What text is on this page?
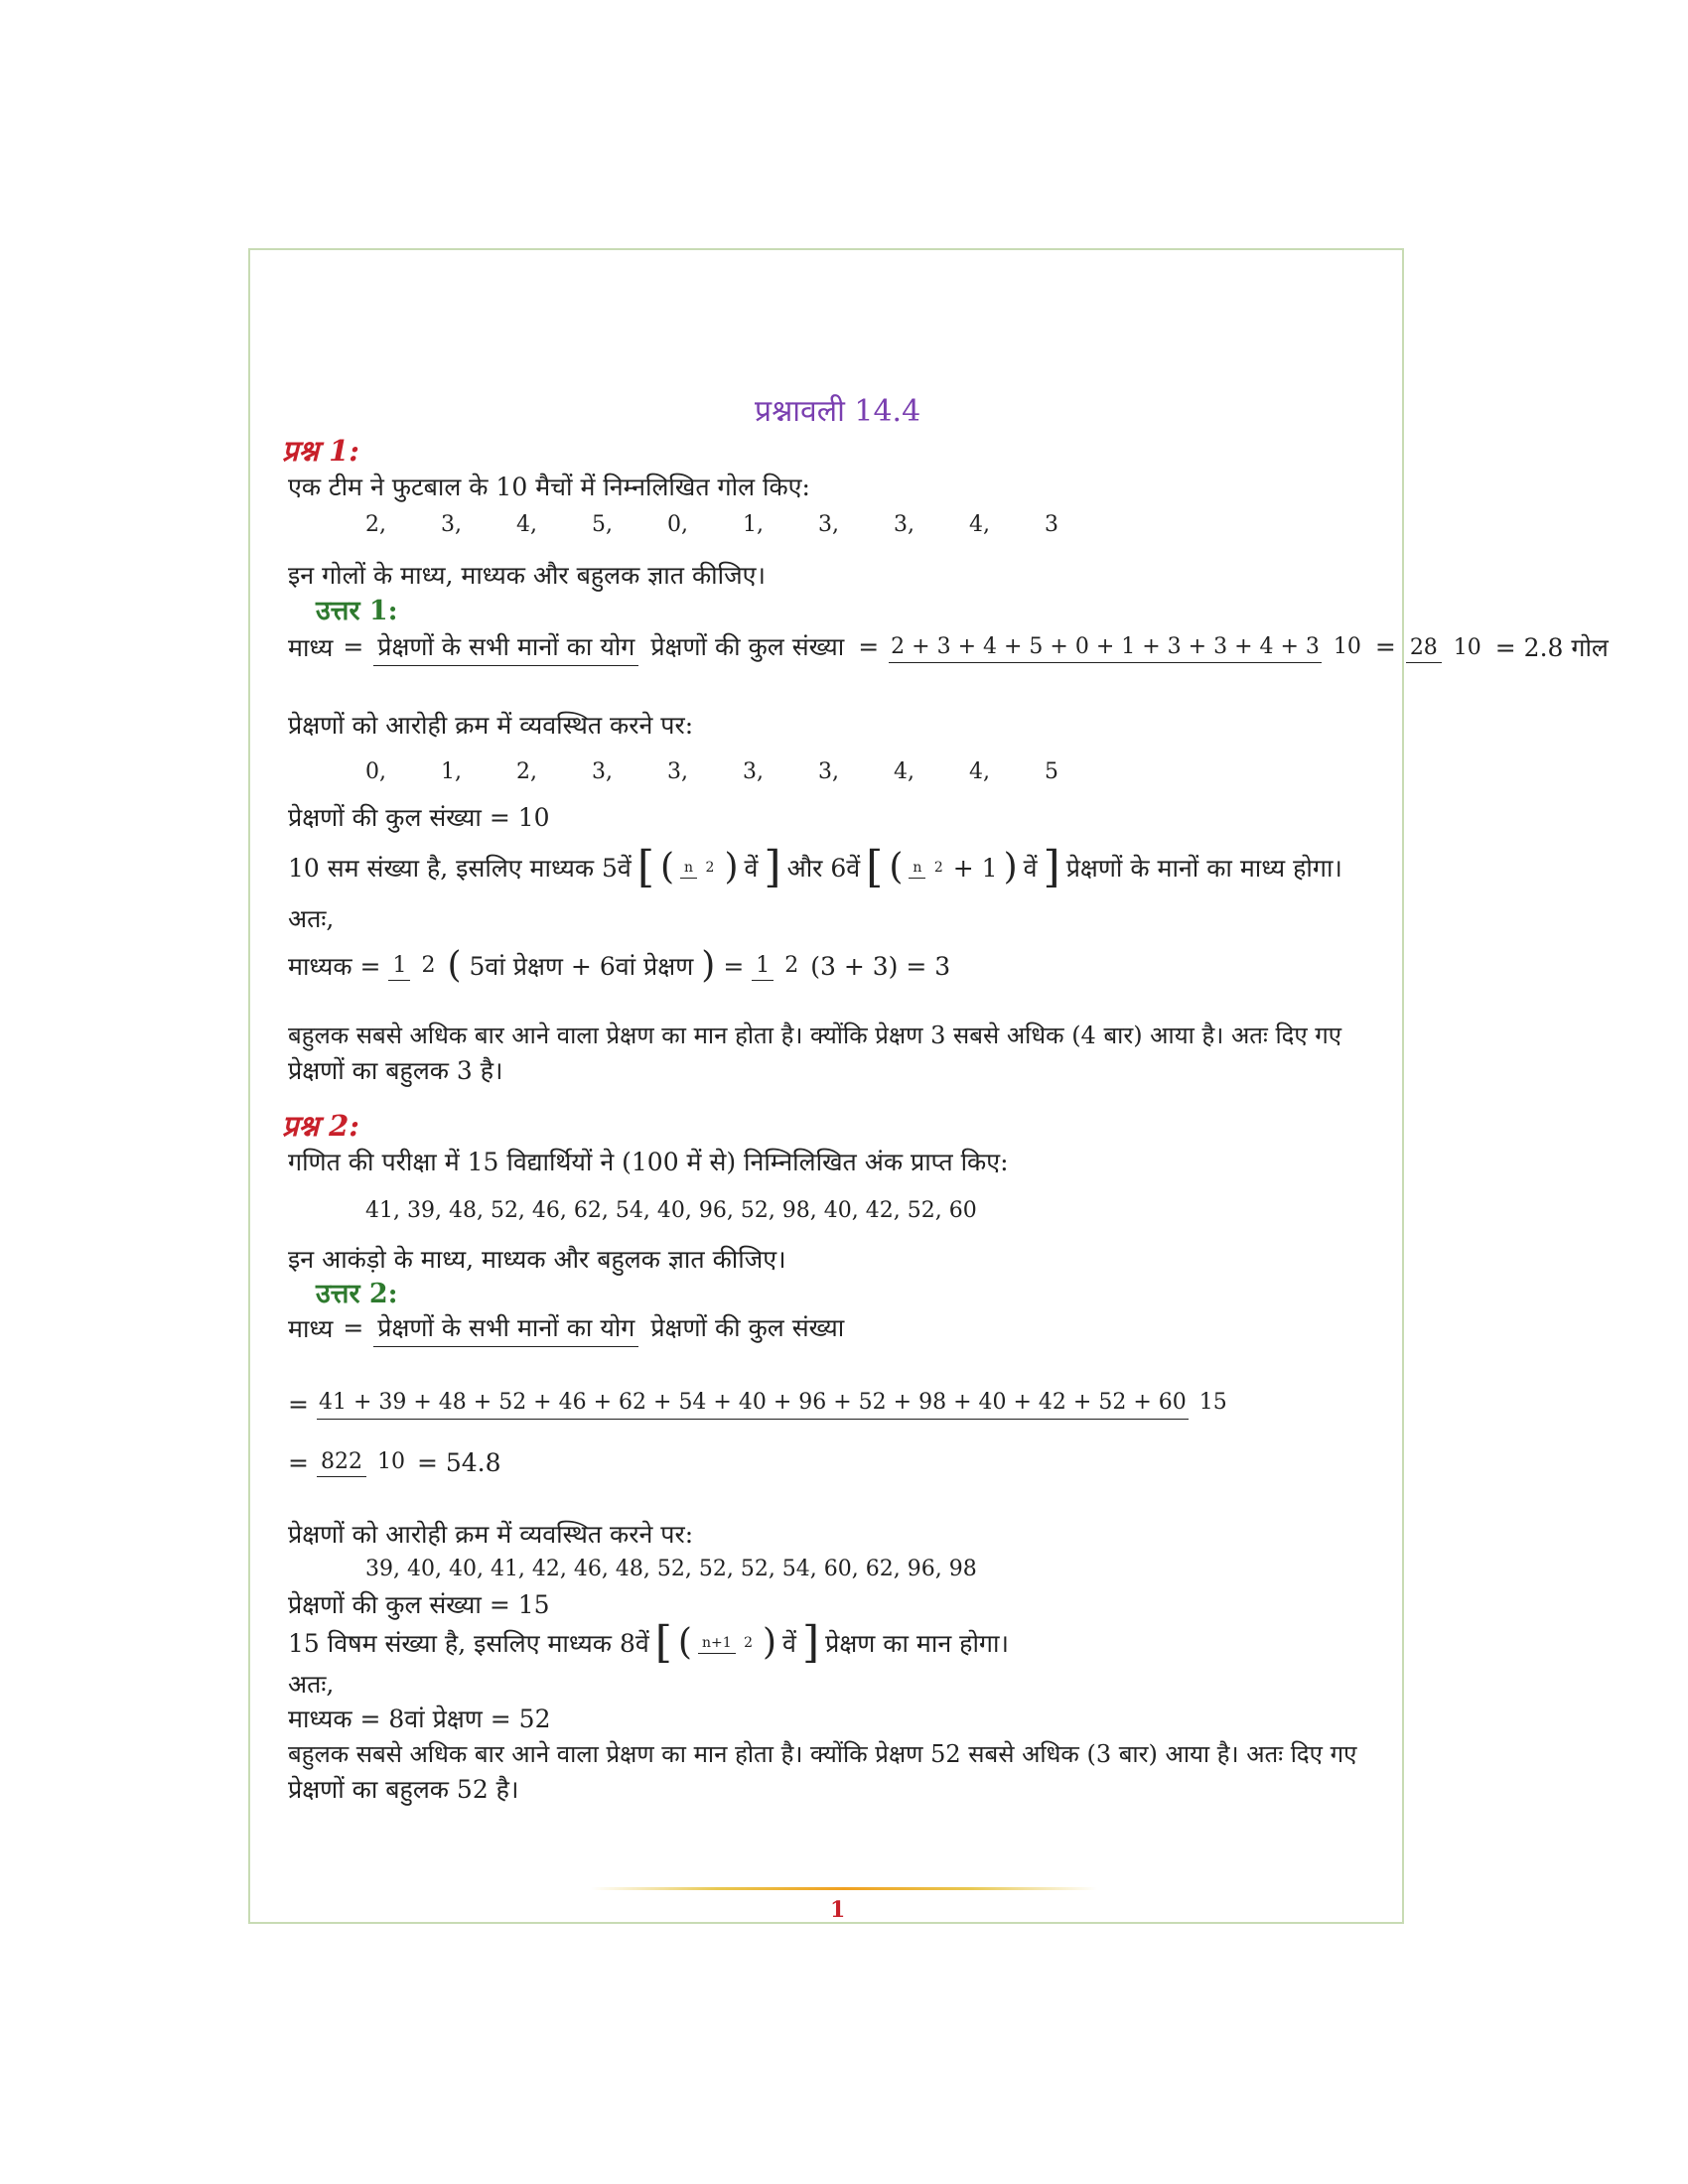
प्रश्नावली 14.4
प्रश्न 1:
एक टीम ने फुटबाल के 10 मैचों में निम्नलिखित गोल किए:
2,	3,	4,	5,	0,	1,	3,	3,	4,	3
इन गोलों के माध्य, माध्यक और बहुलक ज्ञात कीजिए।
उत्तर 1:
माध्य = प्रेक्षणों के सभी मानों का योग प्रेक्षणों की कुल संख्या = 2 + 3 + 4 + 5 + 0 + 1 + 3 + 3 + 4 + 3 10 = 28 10 = 2.8 गोल
प्रेक्षणों को आरोही क्रम में व्यवस्थित करने पर:
0,	1,	2,	3,	3,	3,	3,	4,	4,	5
प्रेक्षणों की कुल संख्या = 10
10 सम संख्या है, इसलिए माध्यक 5वें [ ( n 2 ) वें ] और 6वें [ ( n 2 + 1 ) वें ] प्रेक्षणों के मानों का माध्य होगा।
अतः,
माध्यक = 1 2 ( 5वां प्रेक्षण + 6वां प्रेक्षण ) = 1 2 (3 + 3) = 3
बहुलक सबसे अधिक बार आने वाला प्रेक्षण का मान होता है। क्योंकि प्रेक्षण 3 सबसे अधिक (4 बार) आया है। अतः दिए गए
प्रेक्षणों का बहुलक 3 है।
प्रश्न 2:
गणित की परीक्षा में 15 विद्यार्थियों ने (100 में से) निम्निलिखित अंक प्राप्त किए:
41, 39, 48, 52, 46, 62, 54, 40, 96, 52, 98, 40, 42, 52, 60
इन आकंड़ो के माध्य, माध्यक और बहुलक ज्ञात कीजिए।
उत्तर 2:
माध्य = प्रेक्षणों के सभी मानों का योग प्रेक्षणों की कुल संख्या
= 41 + 39 + 48 + 52 + 46 + 62 + 54 + 40 + 96 + 52 + 98 + 40 + 42 + 52 + 60 15
= 822 10 = 54.8
प्रेक्षणों को आरोही क्रम में व्यवस्थित करने पर:
39, 40, 40, 41, 42, 46, 48, 52, 52, 52, 54, 60, 62, 96, 98
प्रेक्षणों की कुल संख्या = 15
15 विषम संख्या है, इसलिए माध्यक 8वें [ ( n+1 2 ) वें ] प्रेक्षण का मान होगा।
अतः,
माध्यक = 8वां प्रेक्षण = 52
बहुलक सबसे अधिक बार आने वाला प्रेक्षण का मान होता है। क्योंकि प्रेक्षण 52 सबसे अधिक (3 बार) आया है। अतः दिए गए
प्रेक्षणों का बहुलक 52 है।
1
